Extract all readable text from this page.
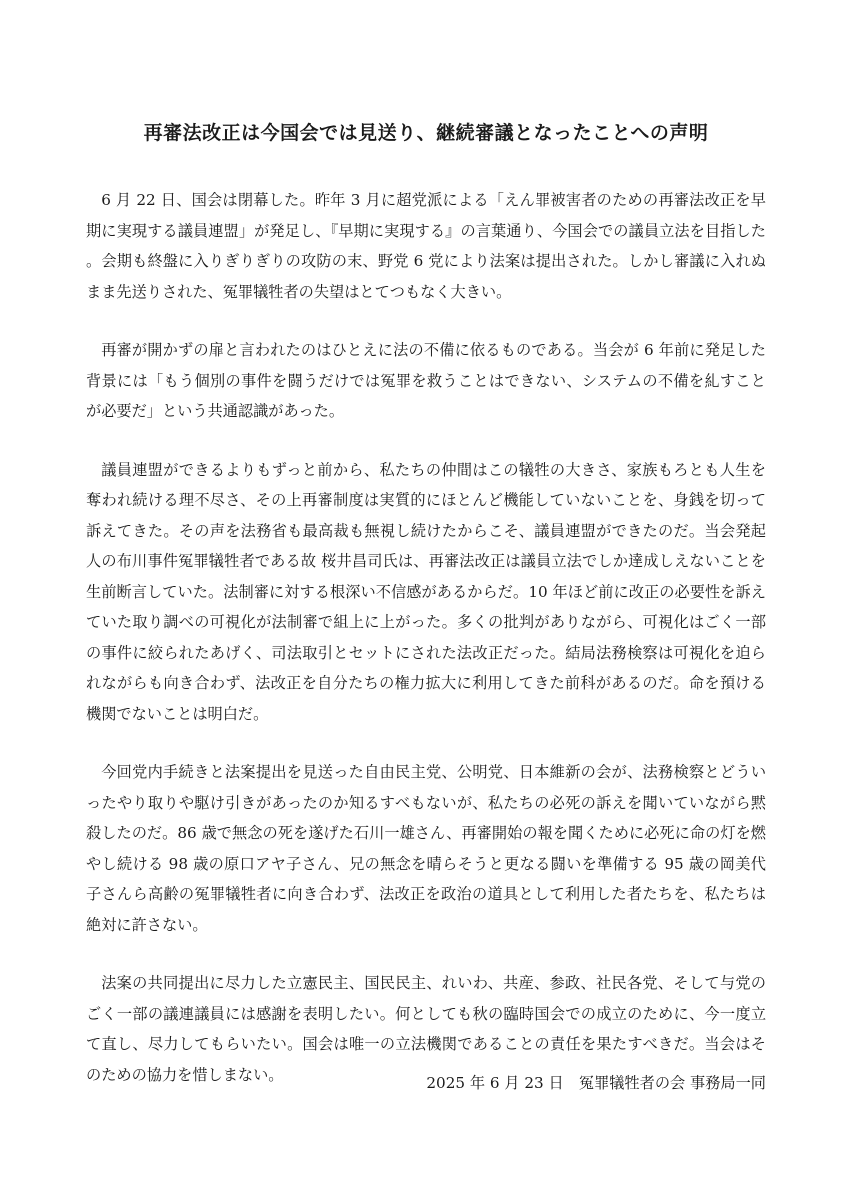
再審法改正は今国会では見送り、継続審議となったことへの声明

6 月 22 日、国会は閉幕した。昨年 3 月に超党派による「えん罪被害者のための再審法改正を早期に実現する議員連盟」が発足し、『早期に実現する』の言葉通り、今国会での議員立法を目指した。会期も終盤に入りぎりぎりの攻防の末、野党 6 党により法案は提出された。しかし審議に入れぬまま先送りされた、冤罪犠牲者の失望はとてつもなく大きい。

再審が開かずの扉と言われたのはひとえに法の不備に依るものである。当会が 6 年前に発足した背景には「もう個別の事件を闘うだけでは冤罪を救うことはできない、システムの不備を糺すことが必要だ」という共通認識があった。

議員連盟ができるよりもずっと前から、私たちの仲間はこの犠牲の大きさ、家族もろとも人生を奪われ続ける理不尽さ、その上再審制度は実質的にほとんど機能していないことを、身銭を切って訴えてきた。その声を法務省も最高裁も無視し続けたからこそ、議員連盟ができたのだ。当会発起人の布川事件冤罪犠牲者である故 桜井昌司氏は、再審法改正は議員立法でしか達成しえないことを生前断言していた。法制審に対する根深い不信感があるからだ。10 年ほど前に改正の必要性を訴えていた取り調べの可視化が法制審で組上に上がった。多くの批判がありながら、可視化はごく一部の事件に絞られたあげく、司法取引とセットにされた法改正だった。結局法務検察は可視化を迫られながらも向き合わず、法改正を自分たちの権力拡大に利用してきた前科があるのだ。命を預ける機関でないことは明白だ。

今回党内手続きと法案提出を見送った自由民主党、公明党、日本維新の会が、法務検察とどういったやり取りや駆け引きがあったのか知るすべもないが、私たちの必死の訴えを聞いていながら黙殺したのだ。86 歳で無念の死を遂げた石川一雄さん、再審開始の報を聞くために必死に命の灯を燃やし続ける 98 歳の原口アヤ子さん、兄の無念を晴らそうと更なる闘いを準備する 95 歳の岡美代子さんら高齢の冤罪犠牲者に向き合わず、法改正を政治の道具として利用した者たちを、私たちは絶対に許さない。

法案の共同提出に尽力した立憲民主、国民民主、れいわ、共産、参政、社民各党、そして与党のごく一部の議連議員には感謝を表明したい。何としても秋の臨時国会での成立のために、今一度立て直し、尽力してもらいたい。国会は唯一の立法機関であることの責任を果たすべきだ。当会はそのための協力を惜しまない。	2025 年 6 月 23 日　冤罪犠牲者の会 事務局一同
